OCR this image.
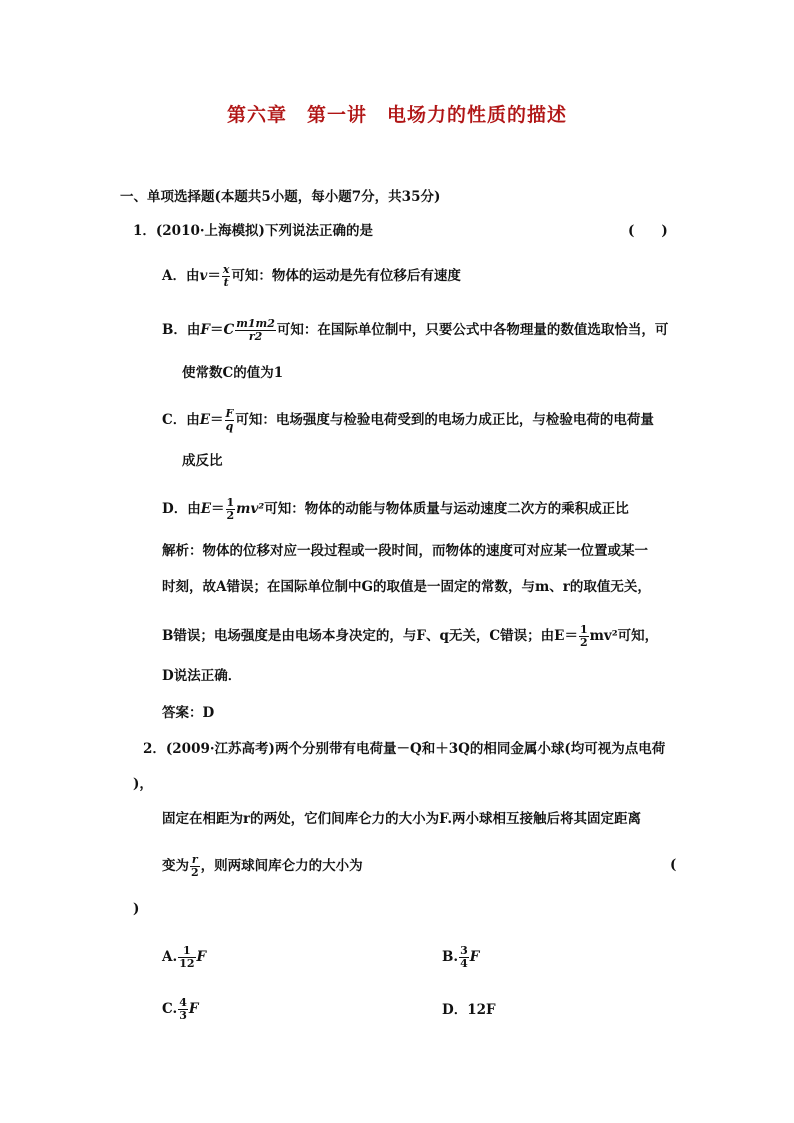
第六章　第一讲　电场力的性质的描述
一、单项选择题(本题共5小题，每小题7分，共35分)
1．(2010·上海模拟)下列说法正确的是	(　　)
A．由$v= \frac{x}{t}$ 可知：物体的运动是先有位移后有速度
B．由$F=C \frac{m1m2}{r2}$ 可知：在国际单位制中，只要公式中各物理量的数值选取恰当，可
使常数C的值为1
C．由$E= \frac{F}{q}$ 可知：电场强度与检验电荷受到的电场力成正比，与检验电荷的电荷量
成反比
D．由$E= \frac{1}{2} mv^2$可知：物体的动能与物体质量与运动速度二次方的乘积成正比
解析：物体的位移对应一段过程或一段时间，而物体的速度可对应某一位置或某一
时刻，故A错误；在国际单位制中G的取值是一固定的常数，与m、r的取值无关，
B错误；电场强度是由电场本身决定的，与F、q无关，C错误；由$E= \frac{1}{2} mv^2$可知，
D说法正确．
答案：D
2．(2009·江苏高考)两个分别带有电荷量－Q和＋3Q的相同金属小球(均可视为点电荷
)，
固定在相距为r的两处，它们间库仑力的大小为F.两小球相互接触后将其固定距离
变为 $\frac{r}{2}$ ，则两球间库仑力的大小为	(
)
A. $\frac{1}{12}$ F	B. $\frac{3}{4}$ F
C. $\frac{4}{3}$ F	D．12F
